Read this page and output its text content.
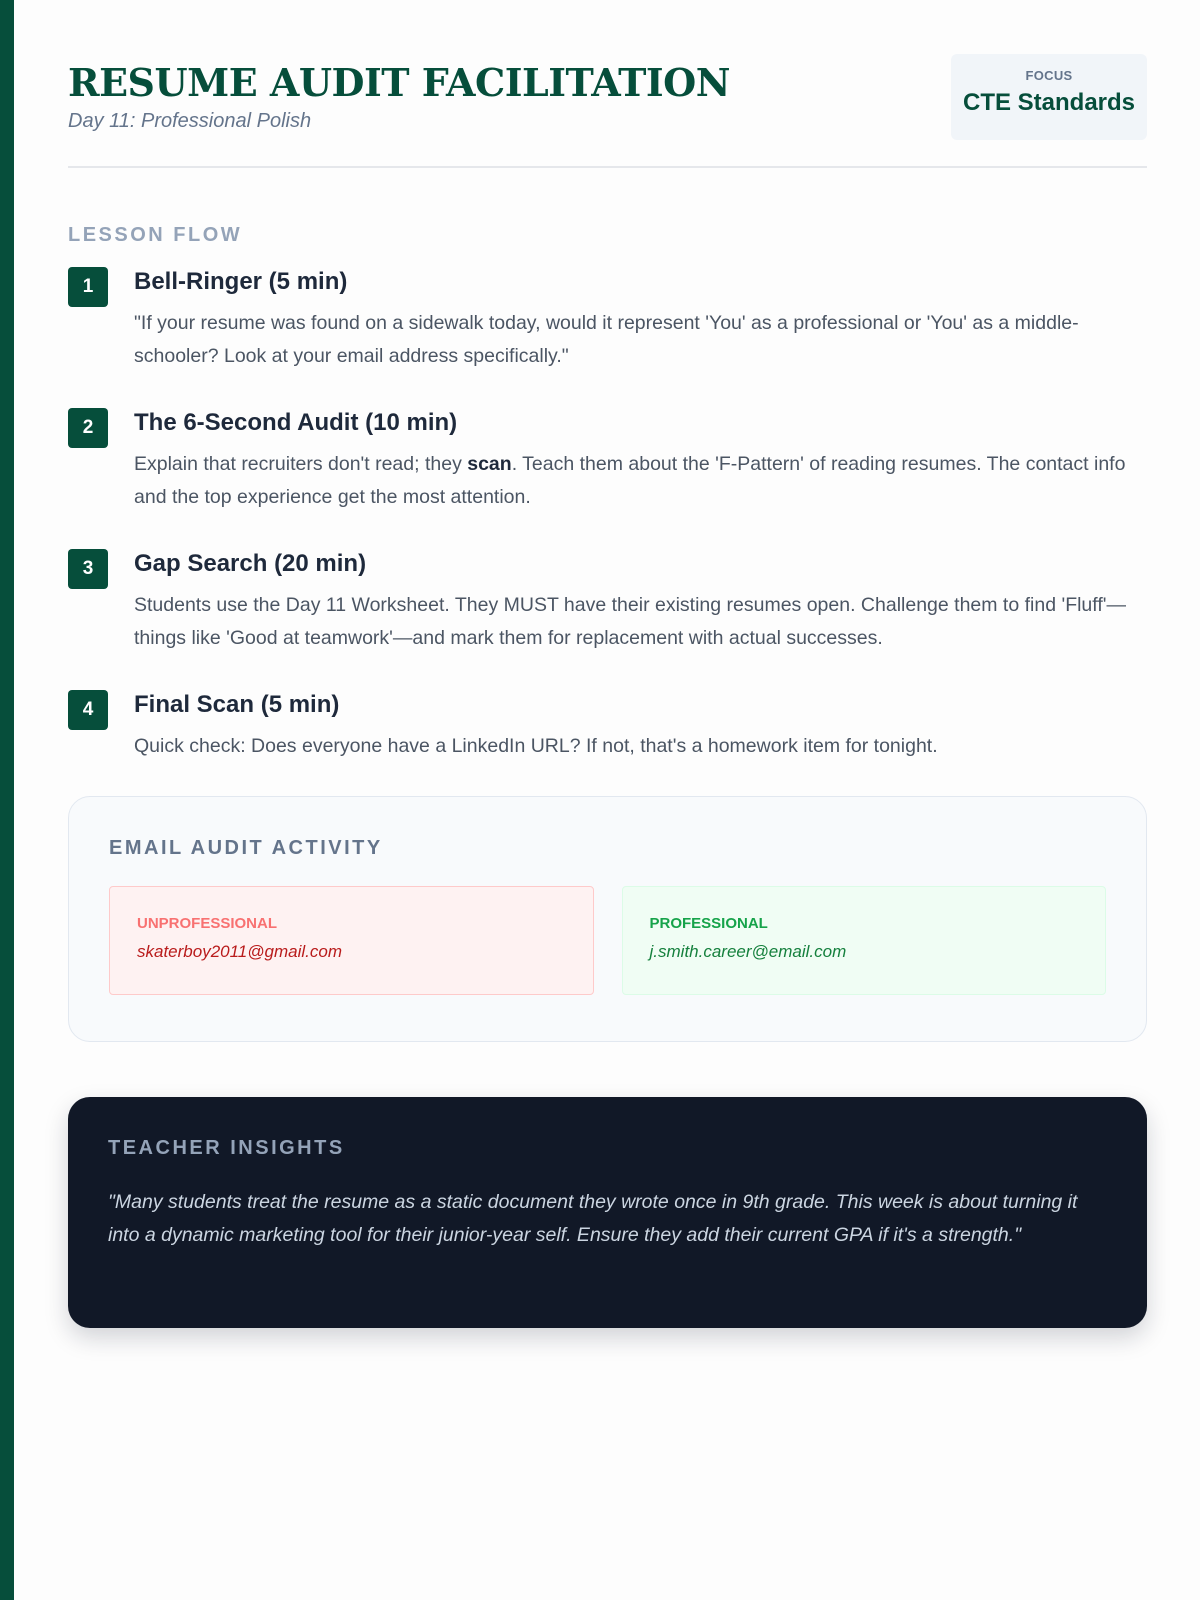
RESUME AUDIT FACILITATION
Day 11: Professional Polish
FOCUS
CTE Standards
LESSON FLOW
1	Bell-Ringer (5 min)

"If your resume was found on a sidewalk today, would it represent 'You' as a professional or 'You' as a middle-schooler? Look at your email address specifically."

2	The 6-Second Audit (10 min)

Explain that recruiters don't read; they scan. Teach them about the 'F-Pattern' of reading resumes. The contact info and the top experience get the most attention.

3	Gap Search (20 min)

Students use the Day 11 Worksheet. They MUST have their existing resumes open. Challenge them to find 'Fluff'—things like 'Good at teamwork'—and mark them for replacement with actual successes.

4	Final Scan (5 min)

Quick check: Does everyone have a LinkedIn URL? If not, that's a homework item for tonight.

EMAIL AUDIT ACTIVITY
UNPROFESSIONAL
skaterboy2011@gmail.com
PROFESSIONAL
j.smith.career@email.com
TEACHER INSIGHTS

"Many students treat the resume as a static document they wrote once in 9th grade. This week is about turning it into a dynamic marketing tool for their junior-year self. Ensure they add their current GPA if it's a strength."
